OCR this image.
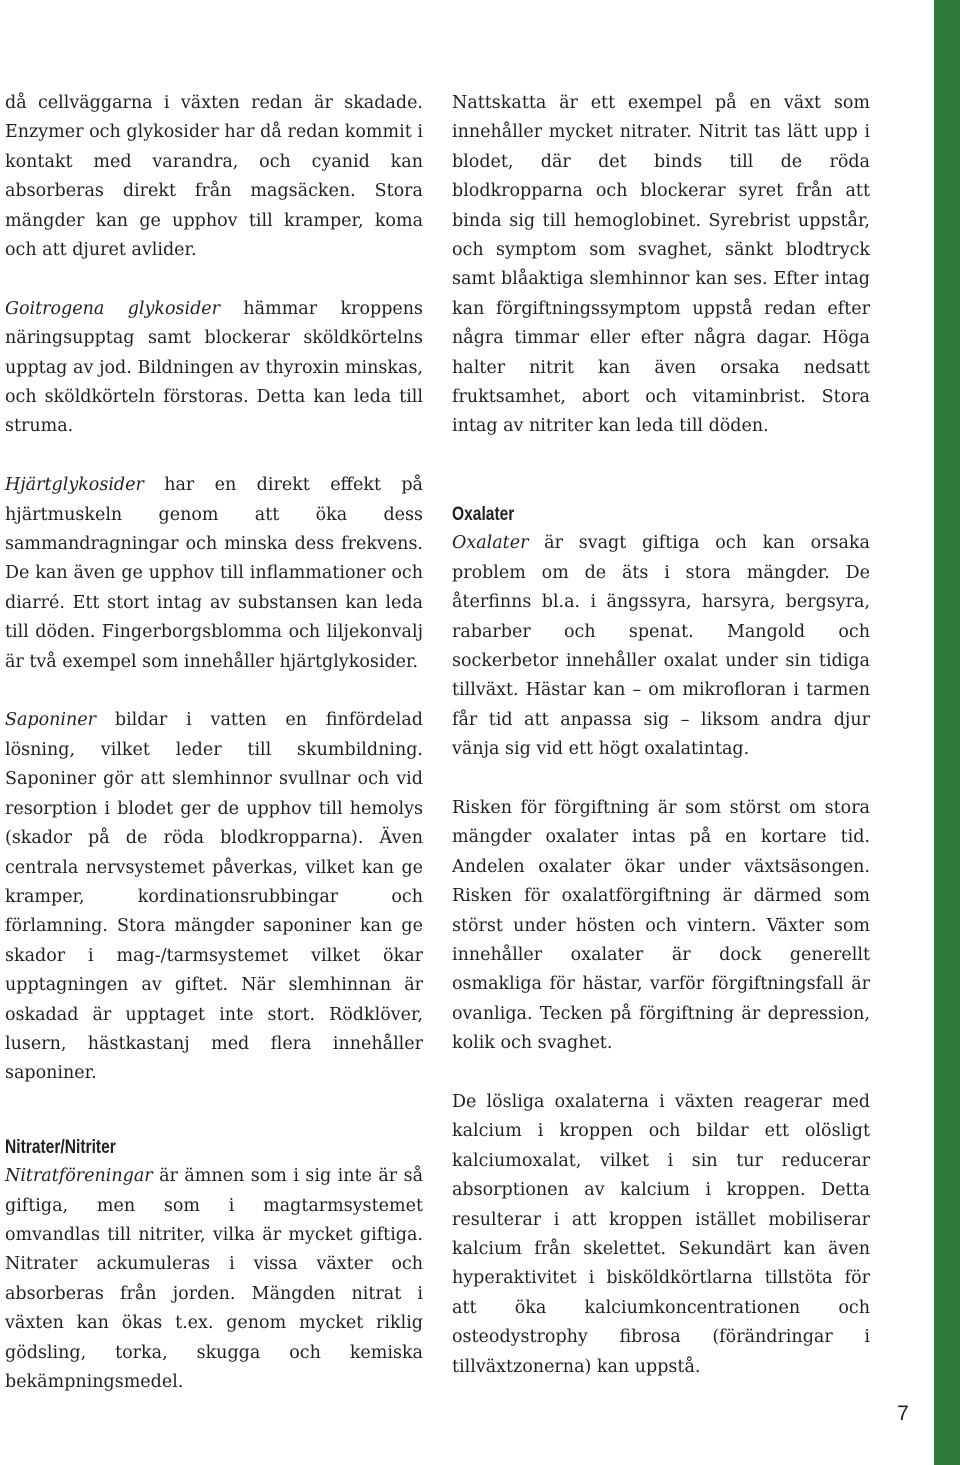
då cellväggarna i växten redan är skadade. Enzymer och glykosider har då redan kommit i kontakt med varandra, och cyanid kan absorberas direkt från magsäcken. Stora mängder kan ge upphov till kramper, koma och att djuret avlider.

Goitrogena glykosider hämmar kroppens näringsupptag samt blockerar sköldkörtelns upptag av jod. Bildningen av thyroxin minskas, och sköldkörteln förstoras. Detta kan leda till struma.

Hjärtglykosider har en direkt effekt på hjärtmuskeln genom att öka dess sammandragningar och minska dess frekvens. De kan även ge upphov till inflammationer och diarré. Ett stort intag av substansen kan leda till döden. Fingerborgsblomma och liljekonvalj är två exempel som innehåller hjärtglykosider.

Saponiner bildar i vatten en finfördelad lösning, vilket leder till skumbildning. Saponiner gör att slemhinnor svullnar och vid resorption i blodet ger de upphov till hemolys (skador på de röda blodkropparna). Även centrala nervsystemet påverkas, vilket kan ge kramper, kordinationsrubbingar och förlamning. Stora mängder saponiner kan ge skador i mag-/tarmsystemet vilket ökar upptagningen av giftet. När slemhinnan är oskadad är upptaget inte stort. Rödklöver, lusern, hästkastanj med flera innehåller saponiner.

Nitrater/Nitriter

Nitratföreningar är ämnen som i sig inte är så giftiga, men som i magtarmsystemet omvandlas till nitriter, vilka är mycket giftiga. Nitrater ackumuleras i vissa växter och absorberas från jorden. Mängden nitrat i växten kan ökas t.ex. genom mycket riklig gödsling, torka, skugga och kemiska bekämpningsmedel.

Nattskatta är ett exempel på en växt som innehåller mycket nitrater. Nitrit tas lätt upp i blodet, där det binds till de röda blodkropparna och blockerar syret från att binda sig till hemoglobinet. Syrebrist uppstår, och symptom som svaghet, sänkt blodtryck samt blåaktiga slemhinnor kan ses. Efter intag kan förgiftningssymptom uppstå redan efter några timmar eller efter några dagar. Höga halter nitrit kan även orsaka nedsatt fruktsamhet, abort och vitaminbrist. Stora intag av nitriter kan leda till döden.

Oxalater

Oxalater är svagt giftiga och kan orsaka problem om de äts i stora mängder. De återfinns bl.a. i ängssyra, harsyra, bergsyra, rabarber och spenat. Mangold och sockerbetor innehåller oxalat under sin tidiga tillväxt. Hästar kan – om mikrofloran i tarmen får tid att anpassa sig – liksom andra djur vänja sig vid ett högt oxalatintag.

Risken för förgiftning är som störst om stora mängder oxalater intas på en kortare tid. Andelen oxalater ökar under växtsäsongen. Risken för oxalatförgiftning är därmed som störst under hösten och vintern. Växter som innehåller oxalater är dock generellt osmakliga för hästar, varför förgiftningsfall är ovanliga. Tecken på förgiftning är depression, kolik och svaghet.

De lösliga oxalaterna i växten reagerar med kalcium i kroppen och bildar ett olösligt kalciumoxalat, vilket i sin tur reducerar absorptionen av kalcium i kroppen. Detta resulterar i att kroppen istället mobiliserar kalcium från skelettet. Sekundärt kan även hyperaktivitet i bisköldkörtlarna tillstöta för att öka kalciumkoncentrationen och osteodystrophy fibrosa (förändringar i tillväxtzonerna) kan uppstå.

7
